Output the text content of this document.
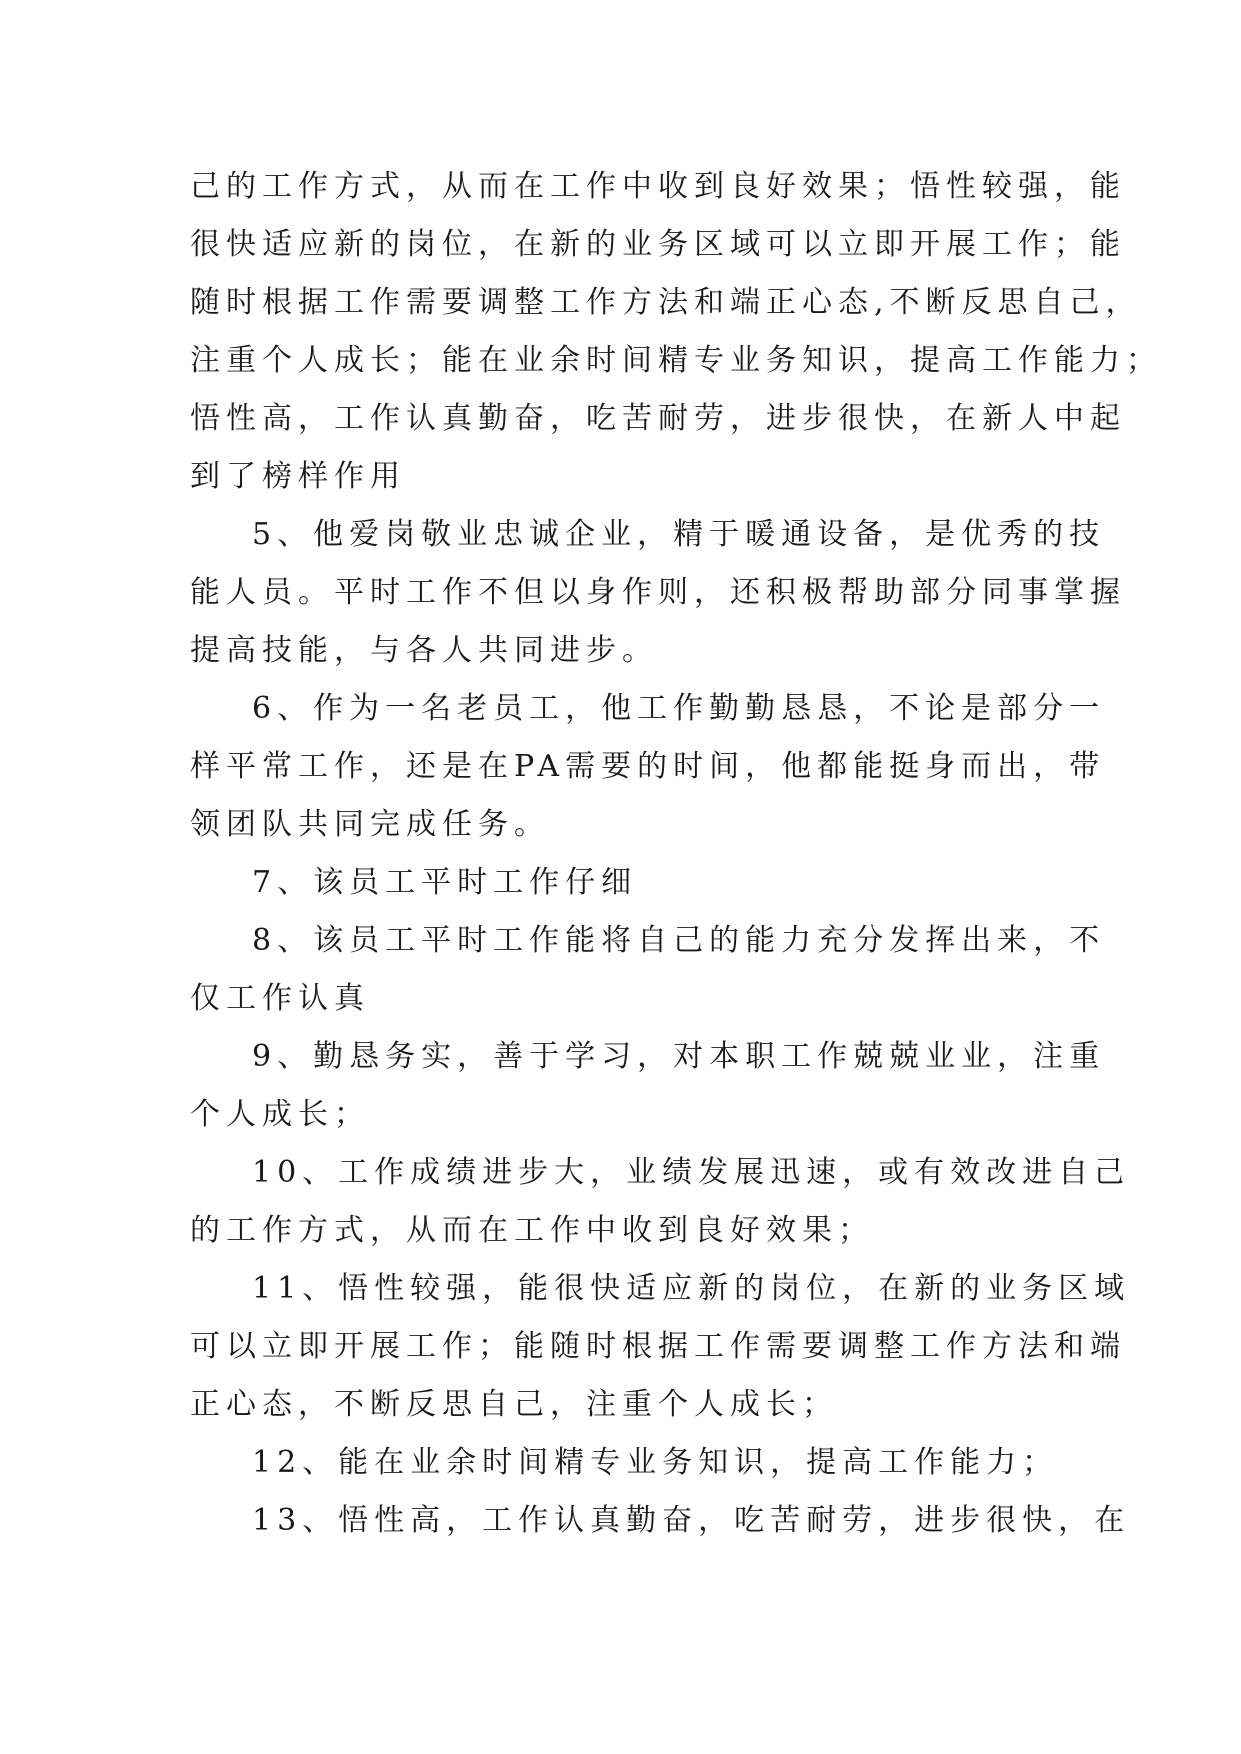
己的工作方式，从而在工作中收到良好效果；悟性较强，能
很快适应新的岗位，在新的业务区域可以立即开展工作；能
随时根据工作需要调整工作方法和端正心态,不断反思自己，
注重个人成长；能在业余时间精专业务知识，提高工作能力；
悟性高，工作认真勤奋，吃苦耐劳，进步很快，在新人中起
到了榜样作用
5、他爱岗敬业忠诚企业，精于暖通设备，是优秀的技
能人员。平时工作不但以身作则，还积极帮助部分同事掌握
提高技能，与各人共同进步。
6、作为一名老员工，他工作勤勤恳恳，不论是部分一
样平常工作，还是在PA需要的时间，他都能挺身而出，带
领团队共同完成任务。
7、该员工平时工作仔细
8、该员工平时工作能将自己的能力充分发挥出来，不
仅工作认真
9、勤恳务实，善于学习，对本职工作兢兢业业，注重
个人成长；
10、工作成绩进步大，业绩发展迅速，或有效改进自己
的工作方式，从而在工作中收到良好效果；
11、悟性较强，能很快适应新的岗位，在新的业务区域
可以立即开展工作；能随时根据工作需要调整工作方法和端
正心态，不断反思自己，注重个人成长；
12、能在业余时间精专业务知识，提高工作能力；
13、悟性高，工作认真勤奋，吃苦耐劳，进步很快，在
